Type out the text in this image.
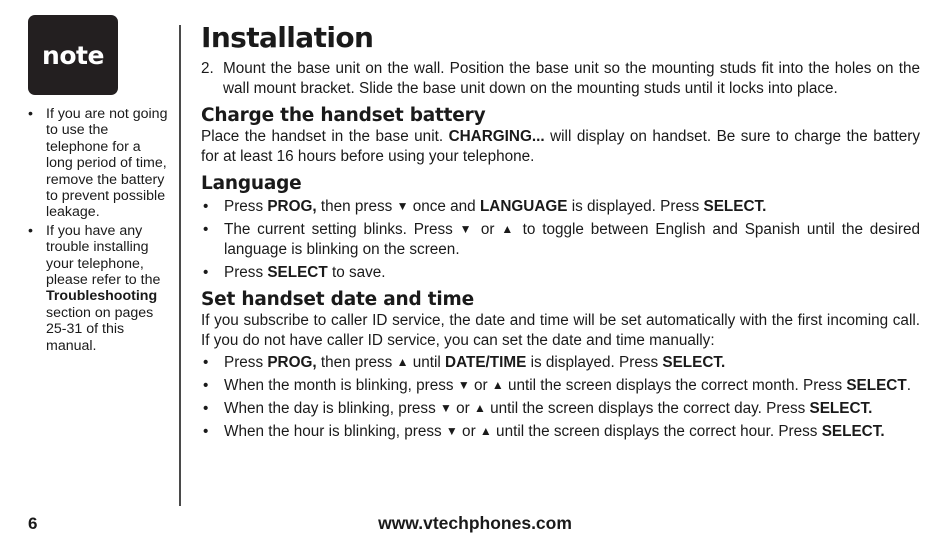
note
• If you are not going to use the telephone for a long period of time, remove the battery to prevent possible leakage.
• If you have any trouble installing your telephone, please refer to the Troubleshooting section on pages 25-31 of this manual.
Installation
2. Mount the base unit on the wall. Position the base unit so the mounting studs fit into the holes on the wall mount bracket. Slide the base unit down on the mounting studs until it locks into place.
Charge the handset battery

Place the handset in the base unit. CHARGING... will display on handset. Be sure to charge the battery for at least 16 hours before using your telephone.

Language
• Press PROG, then press ▼ once and LANGUAGE is displayed. Press SELECT.
• The current setting blinks. Press ▼ or ▲ to toggle between English and Spanish until the desired language is blinking on the screen.
• Press SELECT to save.
Set handset date and time

If you subscribe to caller ID service, the date and time will be set automatically with the first incoming call. If you do not have caller ID service, you can set the date and time manually:

• Press PROG, then press ▲ until DATE/TIME is displayed. Press SELECT.
• When the month is blinking, press ▼ or ▲ until the screen displays the correct month. Press SELECT.
• When the day is blinking, press ▼ or ▲ until the screen displays the correct day. Press SELECT.
• When the hour is blinking, press ▼ or ▲ until the screen displays the correct hour. Press SELECT.
6	www.vtechphones.com
